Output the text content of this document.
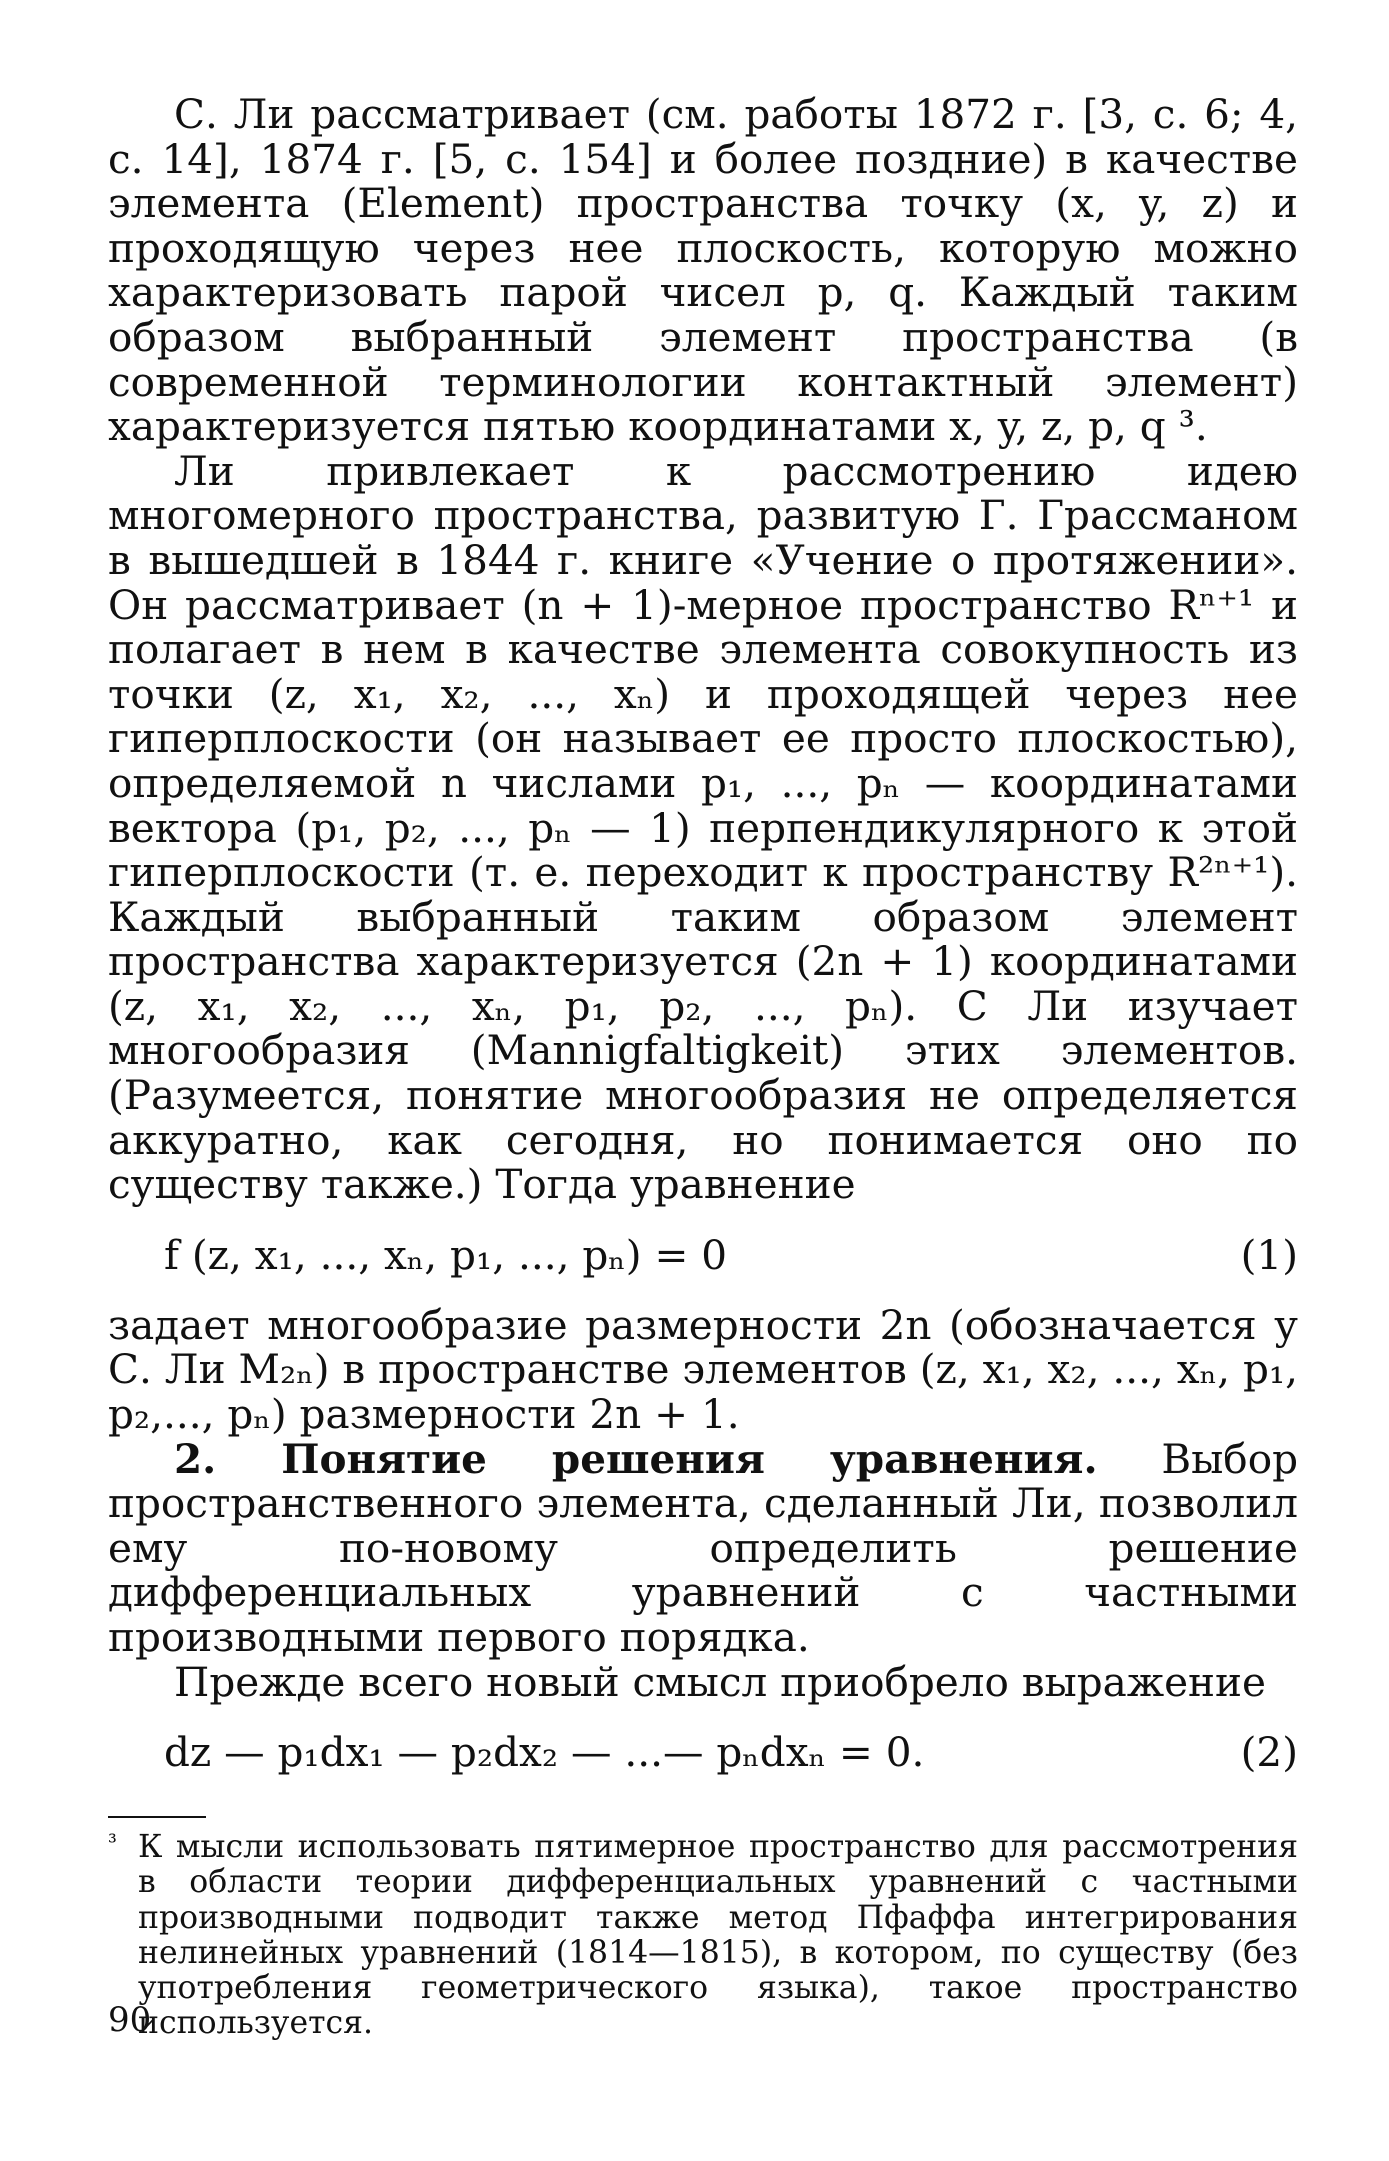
С. Ли рассматривает (см. работы 1872 г. [3, с. 6; 4, с. 14], 1874 г. [5, с. 154] и более поздние) в качестве элемента (Element) пространства точку (x, y, z) и проходящую через нее плоскость, которую можно характеризовать парой чисел p, q. Каждый таким образом выбранный элемент пространства (в современной терминологии контактный элемент) характеризуется пятью координатами x, y, z, p, q ³.

Ли привлекает к рассмотрению идею многомерного пространства, развитую Г. Грассманом в вышедшей в 1844 г. книге «Учение о протяжении». Он рассматривает (n + 1)-мерное пространство Rⁿ⁺¹ и полагает в нем в качестве элемента совокупность из точки (z, x₁, x₂, ..., xₙ) и проходящей через нее гиперплоскости (он называет ее просто плоскостью), определяемой n числами p₁, ..., pₙ — координатами вектора (p₁, p₂, ..., pₙ — 1) перпендикулярного к этой гиперплоскости (т. е. переходит к пространству R²ⁿ⁺¹). Каждый выбранный таким образом элемент пространства характеризуется (2n + 1) координатами (z, x₁, x₂, ..., xₙ, p₁, p₂, ..., pₙ). С Ли изучает многообразия (Mannigfaltigkeit) этих элементов. (Разумеется, понятие многообразия не определяется аккуратно, как сегодня, но понимается оно по существу также.) Тогда уравнение

f (z, x₁, ..., xₙ, p₁, ..., pₙ) = 0	(1)

задает многообразие размерности 2n (обозначается у С. Ли M₂ₙ) в пространстве элементов (z, x₁, x₂, ..., xₙ, p₁, p₂,..., pₙ) размерности 2n + 1.

2. Понятие решения уравнения. Выбор пространственного элемента, сделанный Ли, позволил ему по-новому определить решение дифференциальных уравнений с частными производными первого порядка.

Прежде всего новый смысл приобрело выражение

dz — p₁dx₁ — p₂dx₂ — ...— pₙdxₙ = 0.	(2)

³ К мысли использовать пятимерное пространство для рассмотрения в области теории дифференциальных уравнений с частными производными подводит также метод Пфаффа интегрирования нелинейных уравнений (1814—1815), в котором, по существу (без употребления геометрического языка), такое пространство используется.

90
